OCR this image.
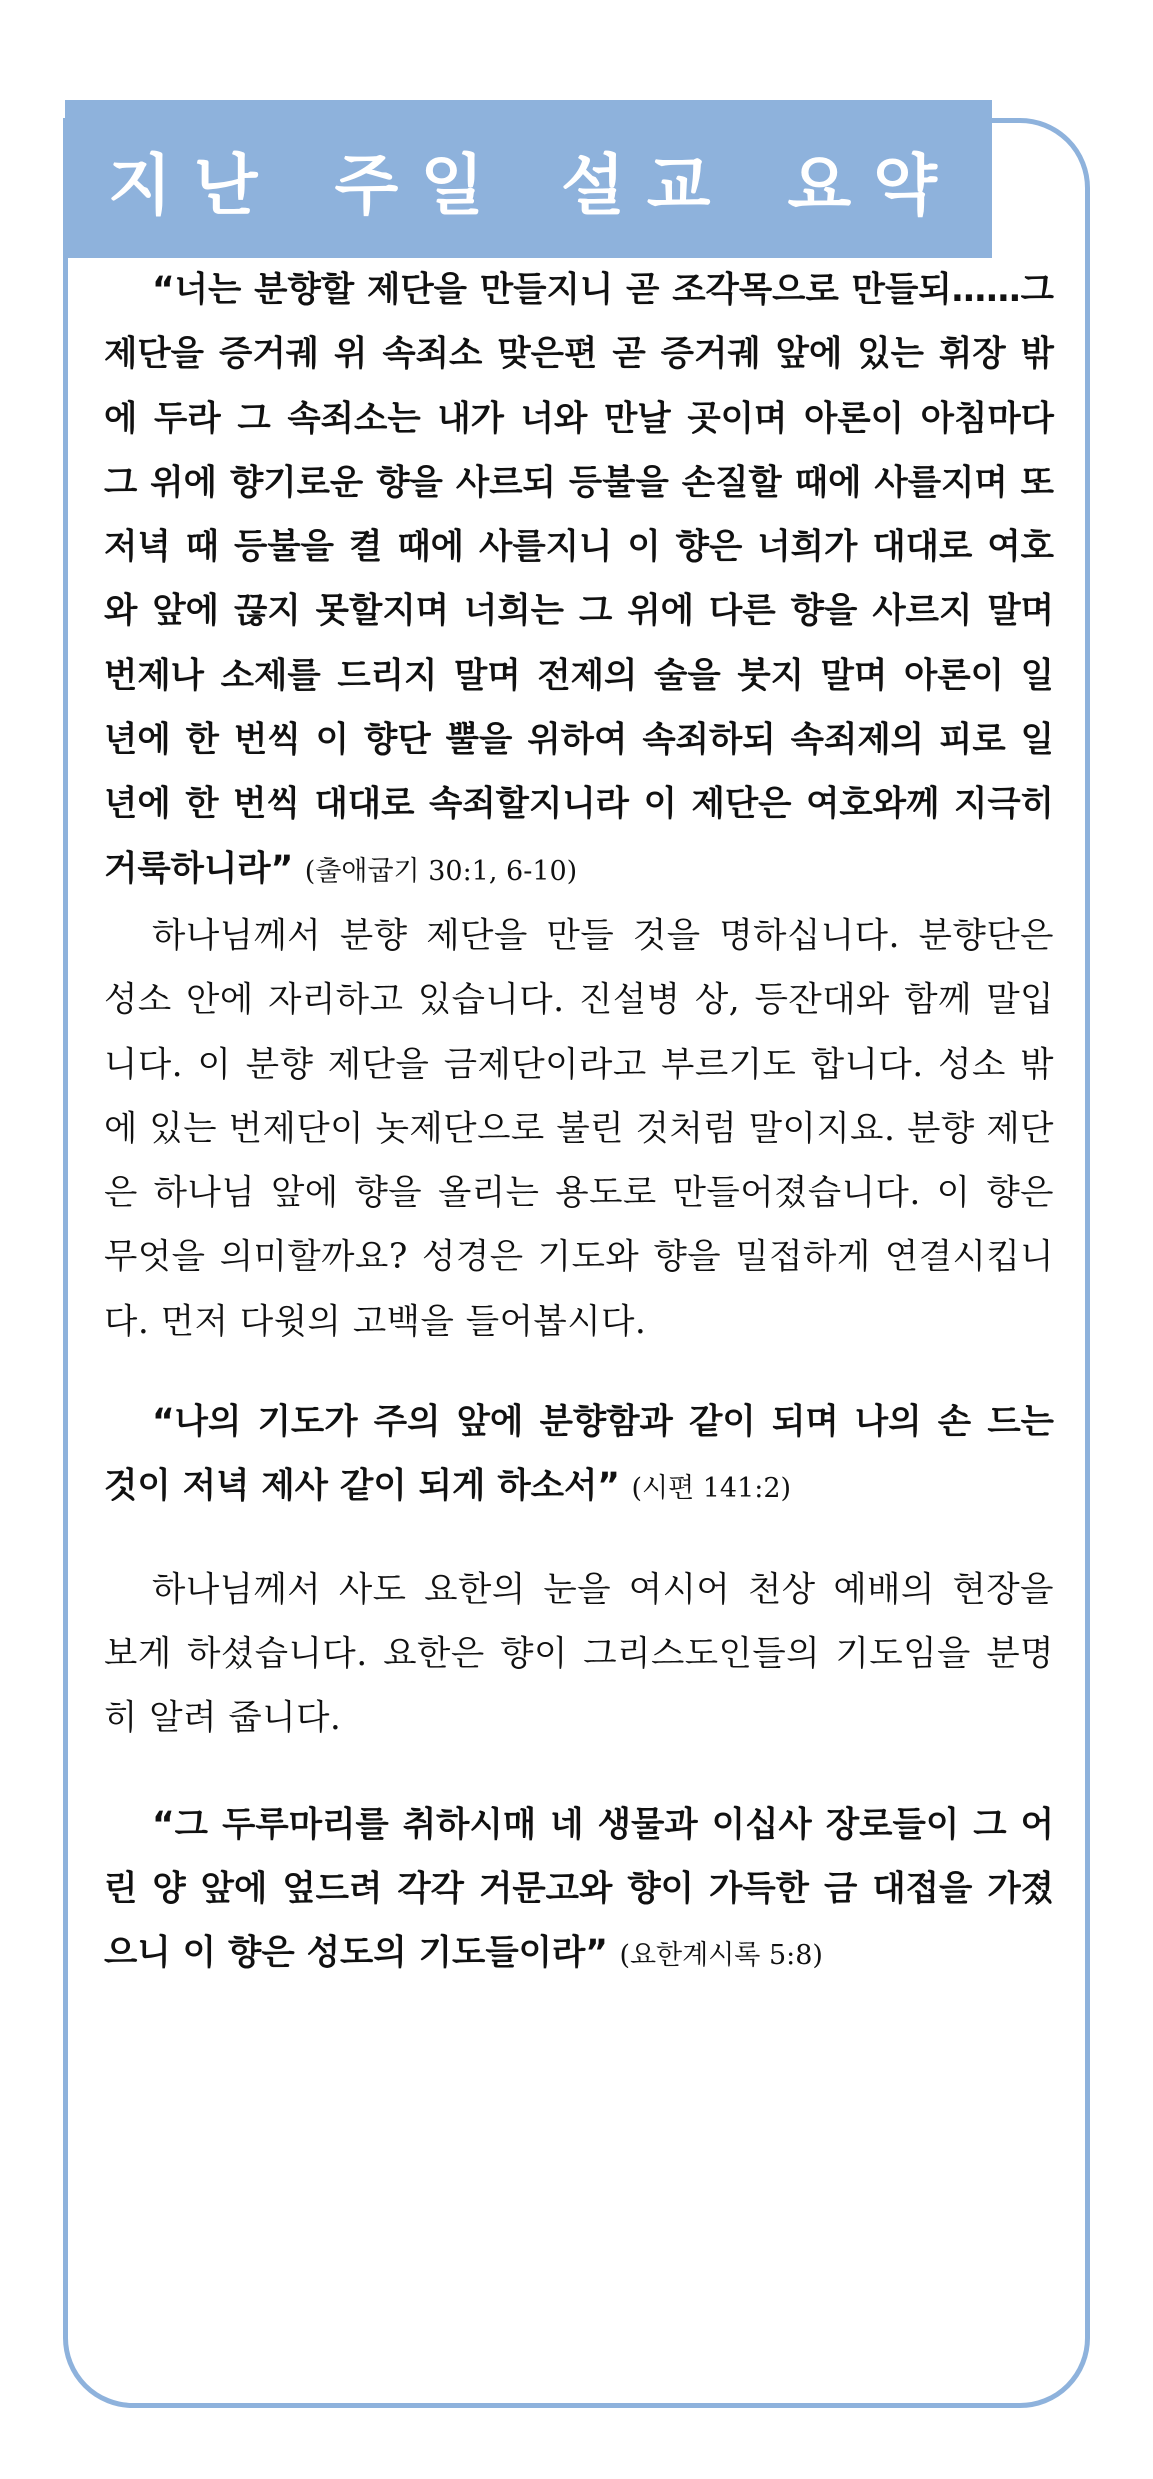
지난 주일 설교 요약

“너는 분향할 제단을 만들지니 곧 조각목으로 만들되……그 제단을 증거궤 위 속죄소 맞은편 곧 증거궤 앞에 있는 휘장 밖에 두라 그 속죄소는 내가 너와 만날 곳이며 아론이 아침마다 그 위에 향기로운 향을 사르되 등불을 손질할 때에 사를지며 또 저녁 때 등불을 켤 때에 사를지니 이 향은 너희가 대대로 여호와 앞에 끊지 못할지며 너희는 그 위에 다른 향을 사르지 말며 번제나 소제를 드리지 말며 전제의 술을 붓지 말며 아론이 일 년에 한 번씩 이 향단 뿔을 위하여 속죄하되 속죄제의 피로 일 년에 한 번씩 대대로 속죄할지니라 이 제단은 여호와께 지극히 거룩하니라” (출애굽기 30:1, 6-10)

하나님께서 분향 제단을 만들 것을 명하십니다. 분향단은 성소 안에 자리하고 있습니다. 진설병 상, 등잔대와 함께 말입니다. 이 분향 제단을 금제단이라고 부르기도 합니다. 성소 밖에 있는 번제단이 놋제단으로 불린 것처럼 말이지요. 분향 제단은 하나님 앞에 향을 올리는 용도로 만들어졌습니다. 이 향은 무엇을 의미할까요? 성경은 기도와 향을 밀접하게 연결시킵니다. 먼저 다윗의 고백을 들어봅시다.

“나의 기도가 주의 앞에 분향함과 같이 되며 나의 손 드는 것이 저녁 제사 같이 되게 하소서” (시편 141:2)

하나님께서 사도 요한의 눈을 여시어 천상 예배의 현장을 보게 하셨습니다. 요한은 향이 그리스도인들의 기도임을 분명히 알려 줍니다.

“그 두루마리를 취하시매 네 생물과 이십사 장로들이 그 어린 양 앞에 엎드려 각각 거문고와 향이 가득한 금 대접을 가졌으니 이 향은 성도의 기도들이라” (요한계시록 5:8)
